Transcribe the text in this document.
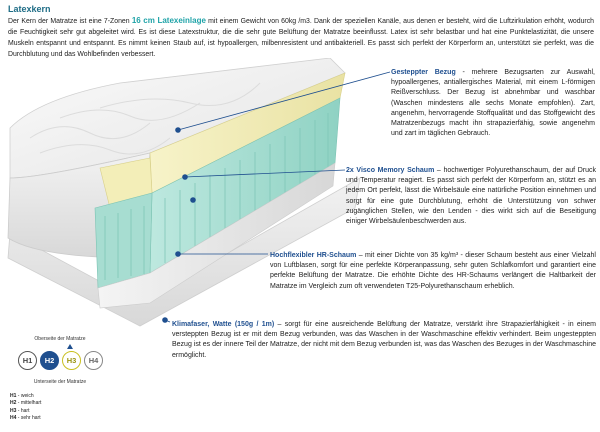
Latexkern
Der Kern der Matratze ist eine 7-Zonen 16 cm Latexeinlage mit einem Gewicht von 60kg /m3. Dank der speziellen Kanäle, aus denen er besteht, wird die Luftzirkulation erhöht, wodurch die Feuchtigkeit sehr gut abgeleitet wird. Es ist diese Latexstruktur, die die sehr gute Belüftung der Matratze beeinflusst. Latex ist sehr belastbar und hat eine Punktelastizität, die unsere Muskeln entspannt und entspannt. Es nimmt keinen Staub auf, ist hypoallergen, milbenresistent und antibakteriell. Es passt sich perfekt der Körperform an, unterstützt sie perfekt, was die Durchblutung und das Wohlbefinden verbessert.
Gesteppter Bezug - mehrere Bezugsarten zur Auswahl, hypoallergenes, antiallergisches Material, mit einem L-förmigen Reißverschluss. Der Bezug ist abnehmbar und waschbar (Waschen mindestens alle sechs Monate empfohlen). Zart, angenehm, hervorragende Stoffqualität und das Stoffgewicht des Matratzenbezugs macht ihn strapazierfähig, sowie angenehm und zart im täglichen Gebrauch.
2x Visco Memory Schaum – hochwertiger Polyurethanschaum, der auf Druck und Temperatur reagiert. Es passt sich perfekt der Körperform an, stützt es an jedem Ort perfekt, lässt die Wirbelsäule eine natürliche Position einnehmen und sorgt für eine gute Durchblutung, erhöht die Unterstützung von schwer zugänglichen Stellen, wie den Lenden - dies wirkt sich auf die Beseitigung einiger Wirbelsäulenbeschwerden aus.
Hochflexibler HR-Schaum – mit einer Dichte von 35 kg/m³ - dieser Schaum besteht aus einer Vielzahl von Luftblasen, sorgt für eine perfekte Körperanpassung, sehr guten Schlafkomfort und garantiert eine perfekte Belüftung der Matratze. Die erhöhte Dichte des HR-Schaums verlängert die Haltbarkeit der Matratze im Vergleich zum oft verwendeten T25-Polyurethanschaum erheblich.
Klimafaser, Watte (150g / 1m) – sorgt für eine ausreichende Belüftung der Matratze, verstärkt ihre Strapazierfähigkeit - in einem versteppten Bezug ist er mit dem Bezug verbunden, was das Waschen in der Waschmaschine effektiv verhindert. Beim ungesteppten Bezug ist es der innere Teil der Matratze, der nicht mit dem Bezug verbunden ist, was das Waschen des Bezuges in der Waschmaschine ermöglicht.
Oberseite der Matratze
H1	H2	H3	H4
Unterseite der Matratze
H1 - weich
H2 - mittelhart
H3 - hart
H4 - sehr hart
